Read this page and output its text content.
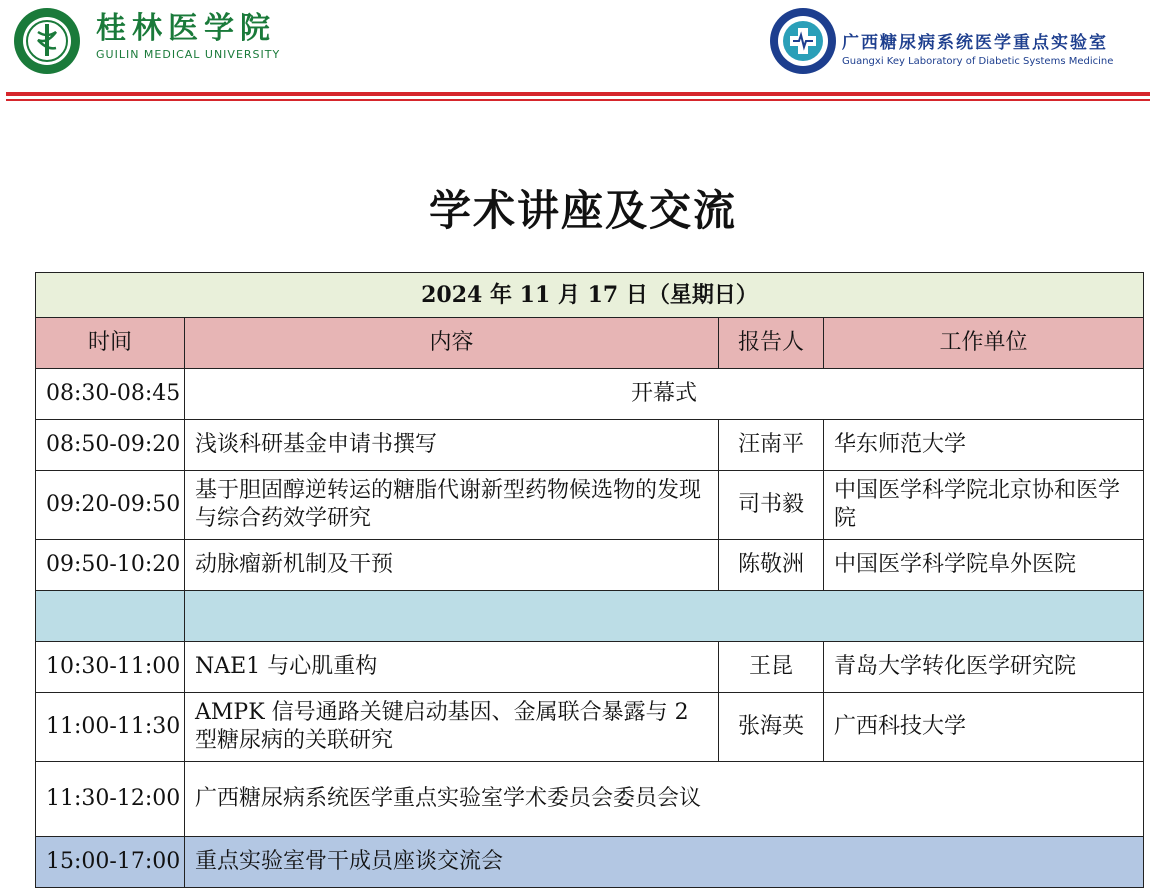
桂林医学院
GUILIN MEDICAL UNIVERSITY
广西糖尿病系统医学重点实验室
Guangxi Key Laboratory of Diabetic Systems Medicine
学术讲座及交流
2024 年 11 月 17 日（星期日）			
时间	内容	报告人	工作单位
08:30-08:45	开幕式		
08:50-09:20	浅谈科研基金申请书撰写	汪南平	华东师范大学
09:20-09:50	基于胆固醇逆转运的糖脂代谢新型药物候选物的发现与综合药效学研究	司书毅	中国医学科学院北京协和医学院
09:50-10:20	动脉瘤新机制及干预	陈敬洲	中国医学科学院阜外医院

10:30-11:00	NAE1 与心肌重构	王昆	青岛大学转化医学研究院
11:00-11:30	AMPK 信号通路关键启动基因、金属联合暴露与 2 型糖尿病的关联研究	张海英	广西科技大学
11:30-12:00	广西糖尿病系统医学重点实验室学术委员会委员会议		
15:00-17:00	重点实验室骨干成员座谈交流会		
